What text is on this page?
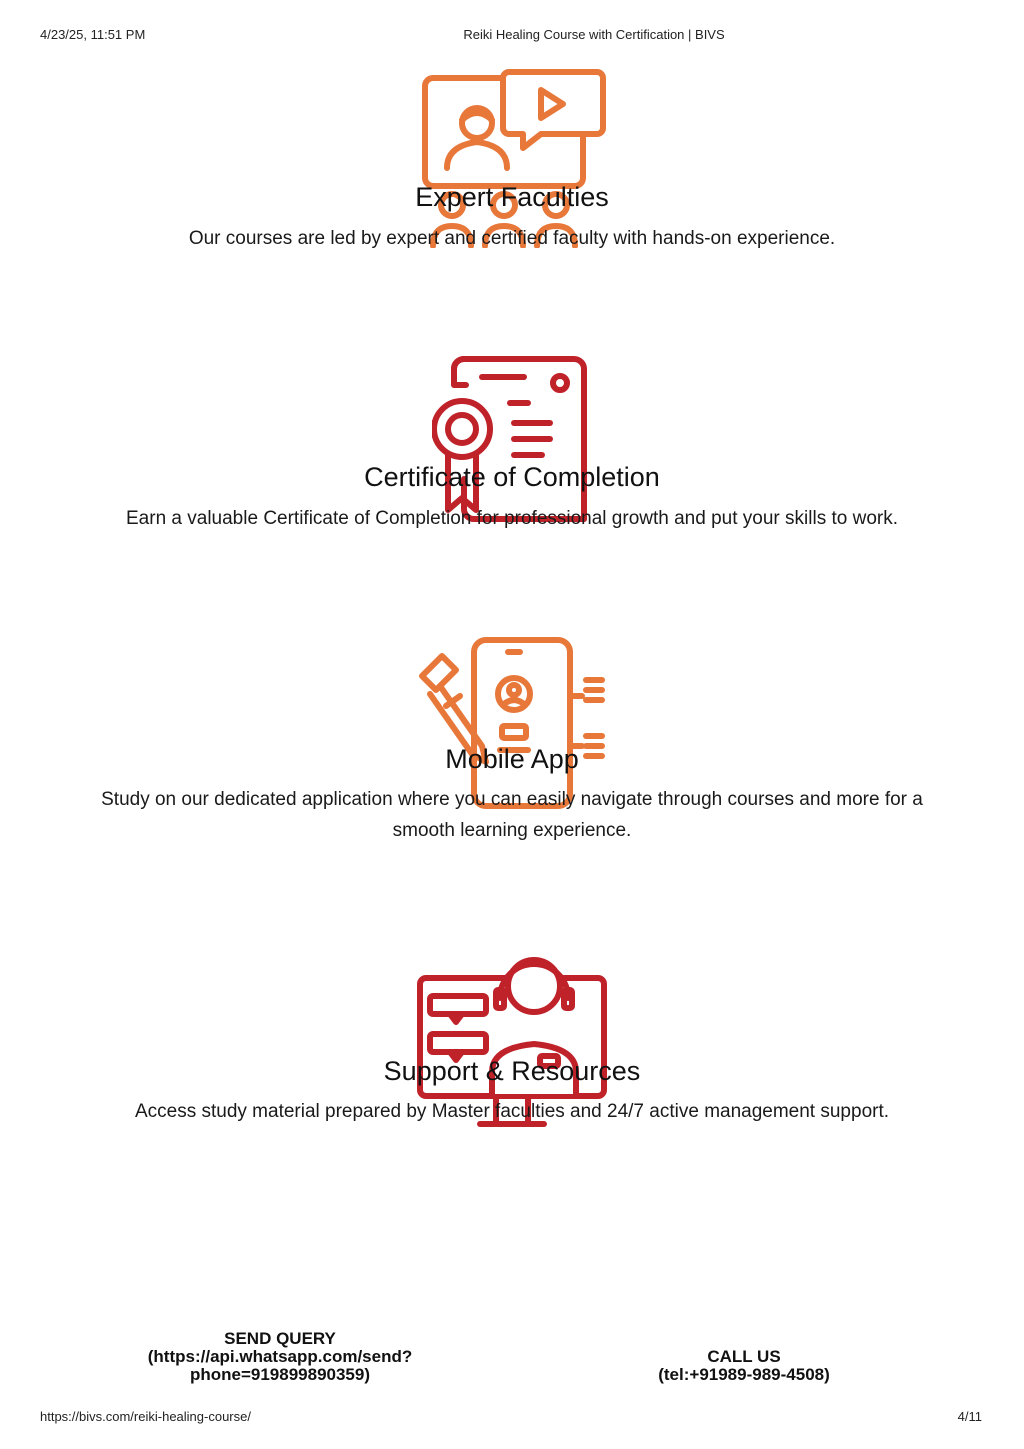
4/23/25, 11:51 PM	Reiki Healing Course with Certification | BIVS
Expert Faculties

Our courses are led by expert and certified faculty with hands-on experience.

Certificate of Completion

Earn a valuable Certificate of Completion for professional growth and put your skills to work.

Mobile App

Study on our dedicated application where you can easily navigate through courses and more for a smooth learning experience.

Support & Resources

Access study material prepared by Master faculties and 24/7 active management support.

SEND QUERY
(https://api.whatsapp.com/send?
phone=919899890359)
CALL US
(tel:+91989-989-4508)
https://bivs.com/reiki-healing-course/	4/11
